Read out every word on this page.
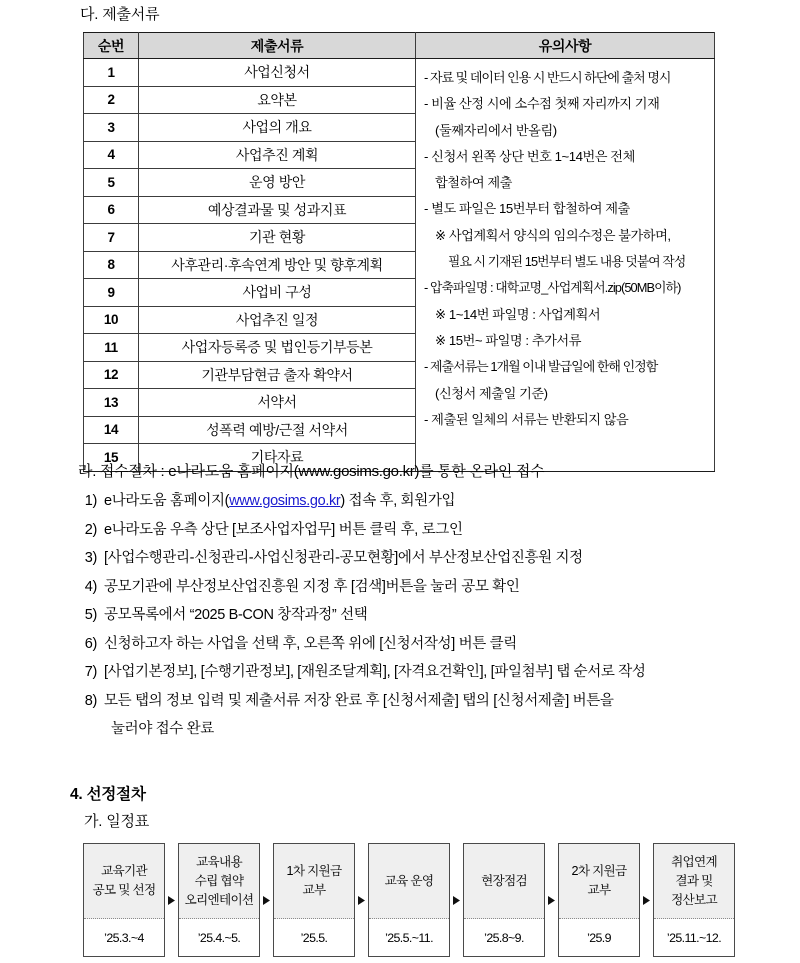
다. 제출서류
순번	제출서류	유의사항
1	사업신청서	- 자료 및 데이터 인용 시 반드시 하단에 출처 명시
- 비율 산정 시에 소수점 첫째 자리까지 기재
(둘째자리에서 반올림)
- 신청서 왼쪽 상단 번호 1~14번은 전체
합철하여 제출
- 별도 파일은 15번부터 합철하여 제출
※ 사업계획서 양식의 임의수정은 불가하며,
필요 시 기재된 15번부터 별도 내용 덧붙여 작성
- 압축파일명 : 대학교명_사업계획서.zip(50MB이하)
※ 1~14번 파일명 : 사업계획서
※ 15번~ 파일명 : 추가서류
- 제출서류는 1개월 이내 발급일에 한해 인정함
(신청서 제출일 기준)
- 제출된 일체의 서류는 반환되지 않음

2	요약본	
3	사업의 개요	
4	사업추진 계획	
5	운영 방안	
6	예상결과물 및 성과지표	
7	기관 현황	
8	사후관리·후속연계 방안 및 향후계획	
9	사업비 구성	
10	사업추진 일정	
11	사업자등록증 및 법인등기부등본	
12	기관부담현금 출자 확약서	
13	서약서	
14	성폭력 예방/근절 서약서	
15	기타자료	
라. 접수절차 : e나라도움 홈페이지(www.gosims.go.kr)를 통한 온라인 접수
1) e나라도움 홈페이지(www.gosims.go.kr) 접속 후, 회원가입
2) e나라도움 우측 상단 [보조사업자업무] 버튼 클릭 후, 로그인
3) [사업수행관리-신청관리-사업신청관리-공모현황]에서 부산정보산업진흥원 지정
4) 공모기관에 부산정보산업진흥원 지정 후 [검색]버튼을 눌러 공모 확인
5) 공모목록에서 “2025 B-CON 창작과정” 선택
6) 신청하고자 하는 사업을 선택 후, 오른쪽 위에 [신청서작성] 버튼 클릭
7) [사업기본정보], [수행기관정보], [재원조달계획], [자격요건확인], [파일첨부] 탭 순서로 작성
8) 모든 탭의 정보 입력 및 제출서류 저장 완료 후 [신청서제출] 탭의 [신청서제출] 버튼을
눌러야 접수 완료
4. 선정절차
가. 일정표
교육기관
공모 및 선정
’25.3.~4
교육내용
수립 협약
오리엔테이션
’25.4.~5.
1차 지원금
교부
’25.5.
교육 운영
’25.5.~11.
현장점검
’25.8~9.
2차 지원금
교부
’25.9
취업연계
결과 및
정산보고
’25.11.~12.
